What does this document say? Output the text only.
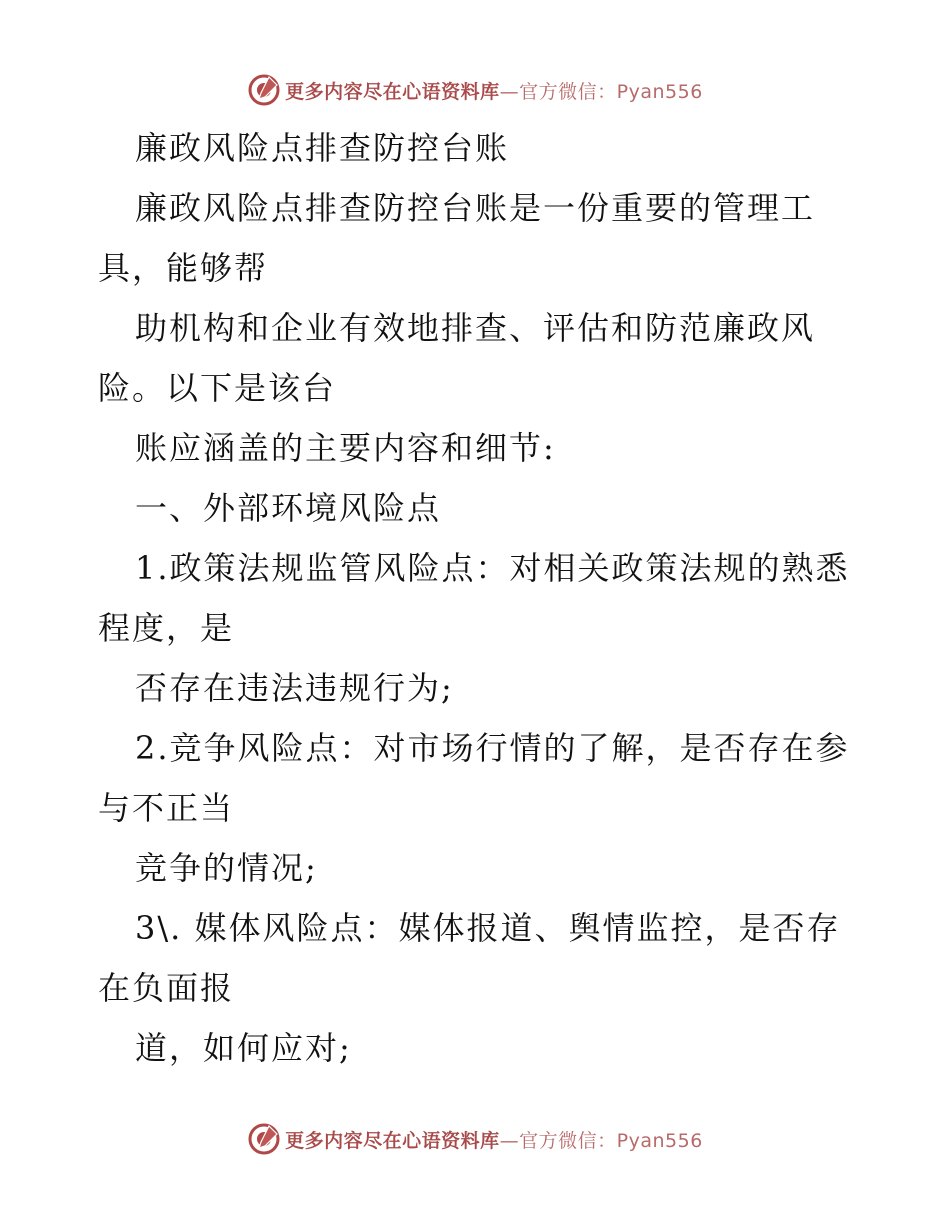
更多内容尽在心语资料库—官方微信：Pyan556
廉政风险点排查防控台账
廉政风险点排查防控台账是一份重要的管理工
具，能够帮
助机构和企业有效地排查、评估和防范廉政风
险。以下是该台
账应涵盖的主要内容和细节:
一、外部环境风险点
1.政策法规监管风险点：对相关政策法规的熟悉
程度，是
否存在违法违规行为;
2.竞争风险点：对市场行情的了解，是否存在参
与不正当
竞争的情况;
3\. 媒体风险点：媒体报道、舆情监控，是否存
在负面报
道，如何应对;
更多内容尽在心语资料库—官方微信：Pyan556
